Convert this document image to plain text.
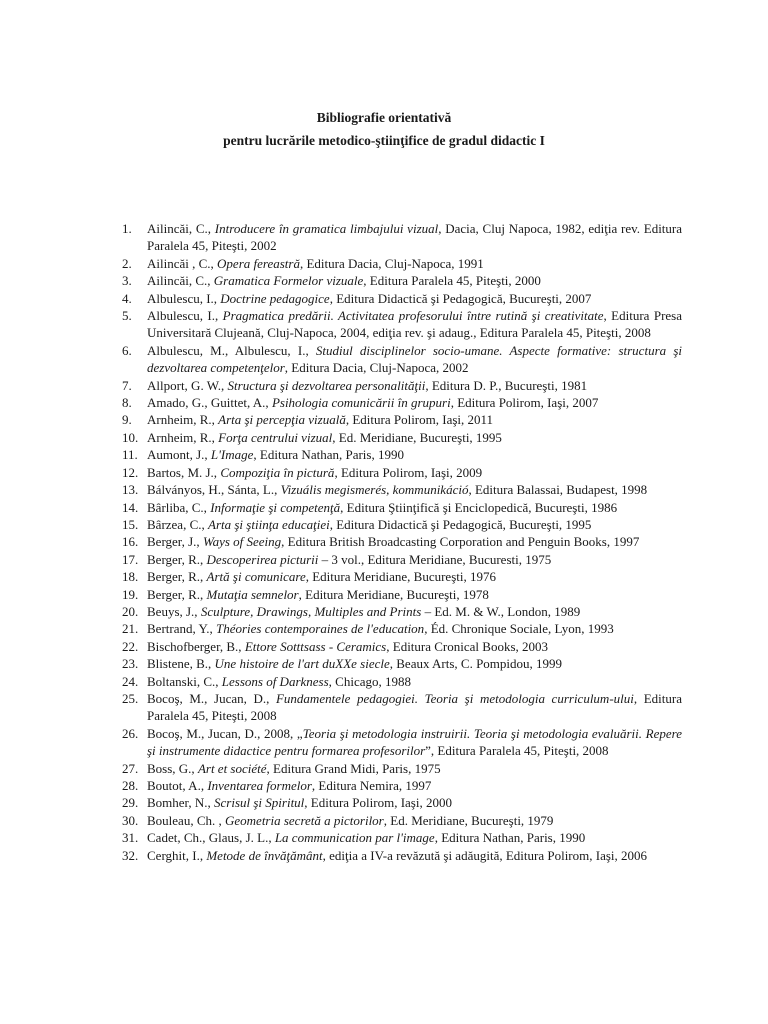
Bibliografie orientativă
pentru lucrările metodico-ştiinţifice de gradul didactic I
1.	Ailincăi, C., Introducere în gramatica limbajului vizual, Dacia, Cluj Napoca, 1982, ediţia rev. Editura Paralela 45, Piteşti, 2002
2.	Ailincăi , C., Opera fereastră, Editura Dacia, Cluj-Napoca, 1991
3.	Ailincăi, C., Gramatica Formelor vizuale, Editura Paralela 45, Piteşti, 2000
4.	Albulescu, I., Doctrine pedagogice, Editura Didactică şi Pedagogică, Bucureşti, 2007
5.	Albulescu, I., Pragmatica predării. Activitatea profesorului între rutină şi creativitate, Editura Presa Universitară Clujeană, Cluj-Napoca, 2004, ediţia rev. şi adaug., Editura Paralela 45, Piteşti, 2008
6.	Albulescu, M., Albulescu, I., Studiul disciplinelor socio-umane. Aspecte formative: structura şi dezvoltarea competenţelor, Editura Dacia, Cluj-Napoca, 2002
7.	Allport, G. W., Structura şi dezvoltarea personalităţii, Editura D. P., Bucureşti, 1981
8.	Amado, G., Guittet, A., Psihologia comunicării în grupuri, Editura Polirom, Iaşi, 2007
9.	Arnheim, R., Arta şi percepţia vizuală, Editura Polirom, Iaşi, 2011
10. Arnheim, R., Forţa centrului vizual, Ed. Meridiane, Bucureşti, 1995
11. Aumont, J., L'Image, Editura Nathan, Paris, 1990
12. Bartos, M. J., Compoziţia în pictură, Editura Polirom, Iaşi, 2009
13. Bálványos, H., Sánta, L., Vizuális megismerés, kommunikáció, Editura Balassai, Budapest, 1998
14. Bârliba, C., Informaţie şi competenţă, Editura Ştiinţifică şi Enciclopedică, Bucureşti, 1986
15. Bârzea, C., Arta şi ştiinţa educaţiei, Editura Didactică şi Pedagogică, Bucureşti, 1995
16. Berger, J., Ways of Seeing, Editura British Broadcasting Corporation and Penguin Books, 1997
17. Berger, R., Descoperirea picturii – 3 vol., Editura Meridiane, Bucuresti, 1975
18. Berger, R., Artă şi comunicare, Editura Meridiane, Bucureşti, 1976
19. Berger, R., Mutaţia semnelor, Editura Meridiane, Bucureşti, 1978
20. Beuys, J., Sculpture, Drawings, Multiples and Prints – Ed. M. & W., London, 1989
21. Bertrand, Y., Théories contemporaines de l'education, Éd. Chronique Sociale, Lyon, 1993
22. Bischofberger, B., Ettore Sotttsass - Ceramics, Editura Cronical Books, 2003
23. Blistene, B., Une histoire de l'art duXXe siecle, Beaux Arts, C. Pompidou, 1999
24. Boltanski, C., Lessons of Darkness, Chicago, 1988
25. Bocoş, M., Jucan, D., Fundamentele pedagogiei. Teoria şi metodologia curriculum-ului, Editura Paralela 45, Piteşti, 2008
26. Bocoş, M., Jucan, D., 2008, „Teoria şi metodologia instruirii. Teoria şi metodologia evaluării. Repere şi instrumente didactice pentru formarea profesorilor”, Editura Paralela 45, Piteşti, 2008
27. Boss, G., Art et société, Editura Grand Midi, Paris, 1975
28. Boutot, A., Inventarea formelor, Editura Nemira, 1997
29. Bomher, N., Scrisul şi Spiritul, Editura Polirom, Iaşi, 2000
30. Bouleau, Ch. , Geometria secretă a pictorilor, Ed. Meridiane, Bucureşti, 1979
31. Cadet, Ch., Glaus, J. L., La communication par l'image, Editura Nathan, Paris, 1990
32. Cerghit, I., Metode de învăţământ, ediţia a IV-a revăzută şi adăugită, Editura Polirom, Iaşi, 2006
